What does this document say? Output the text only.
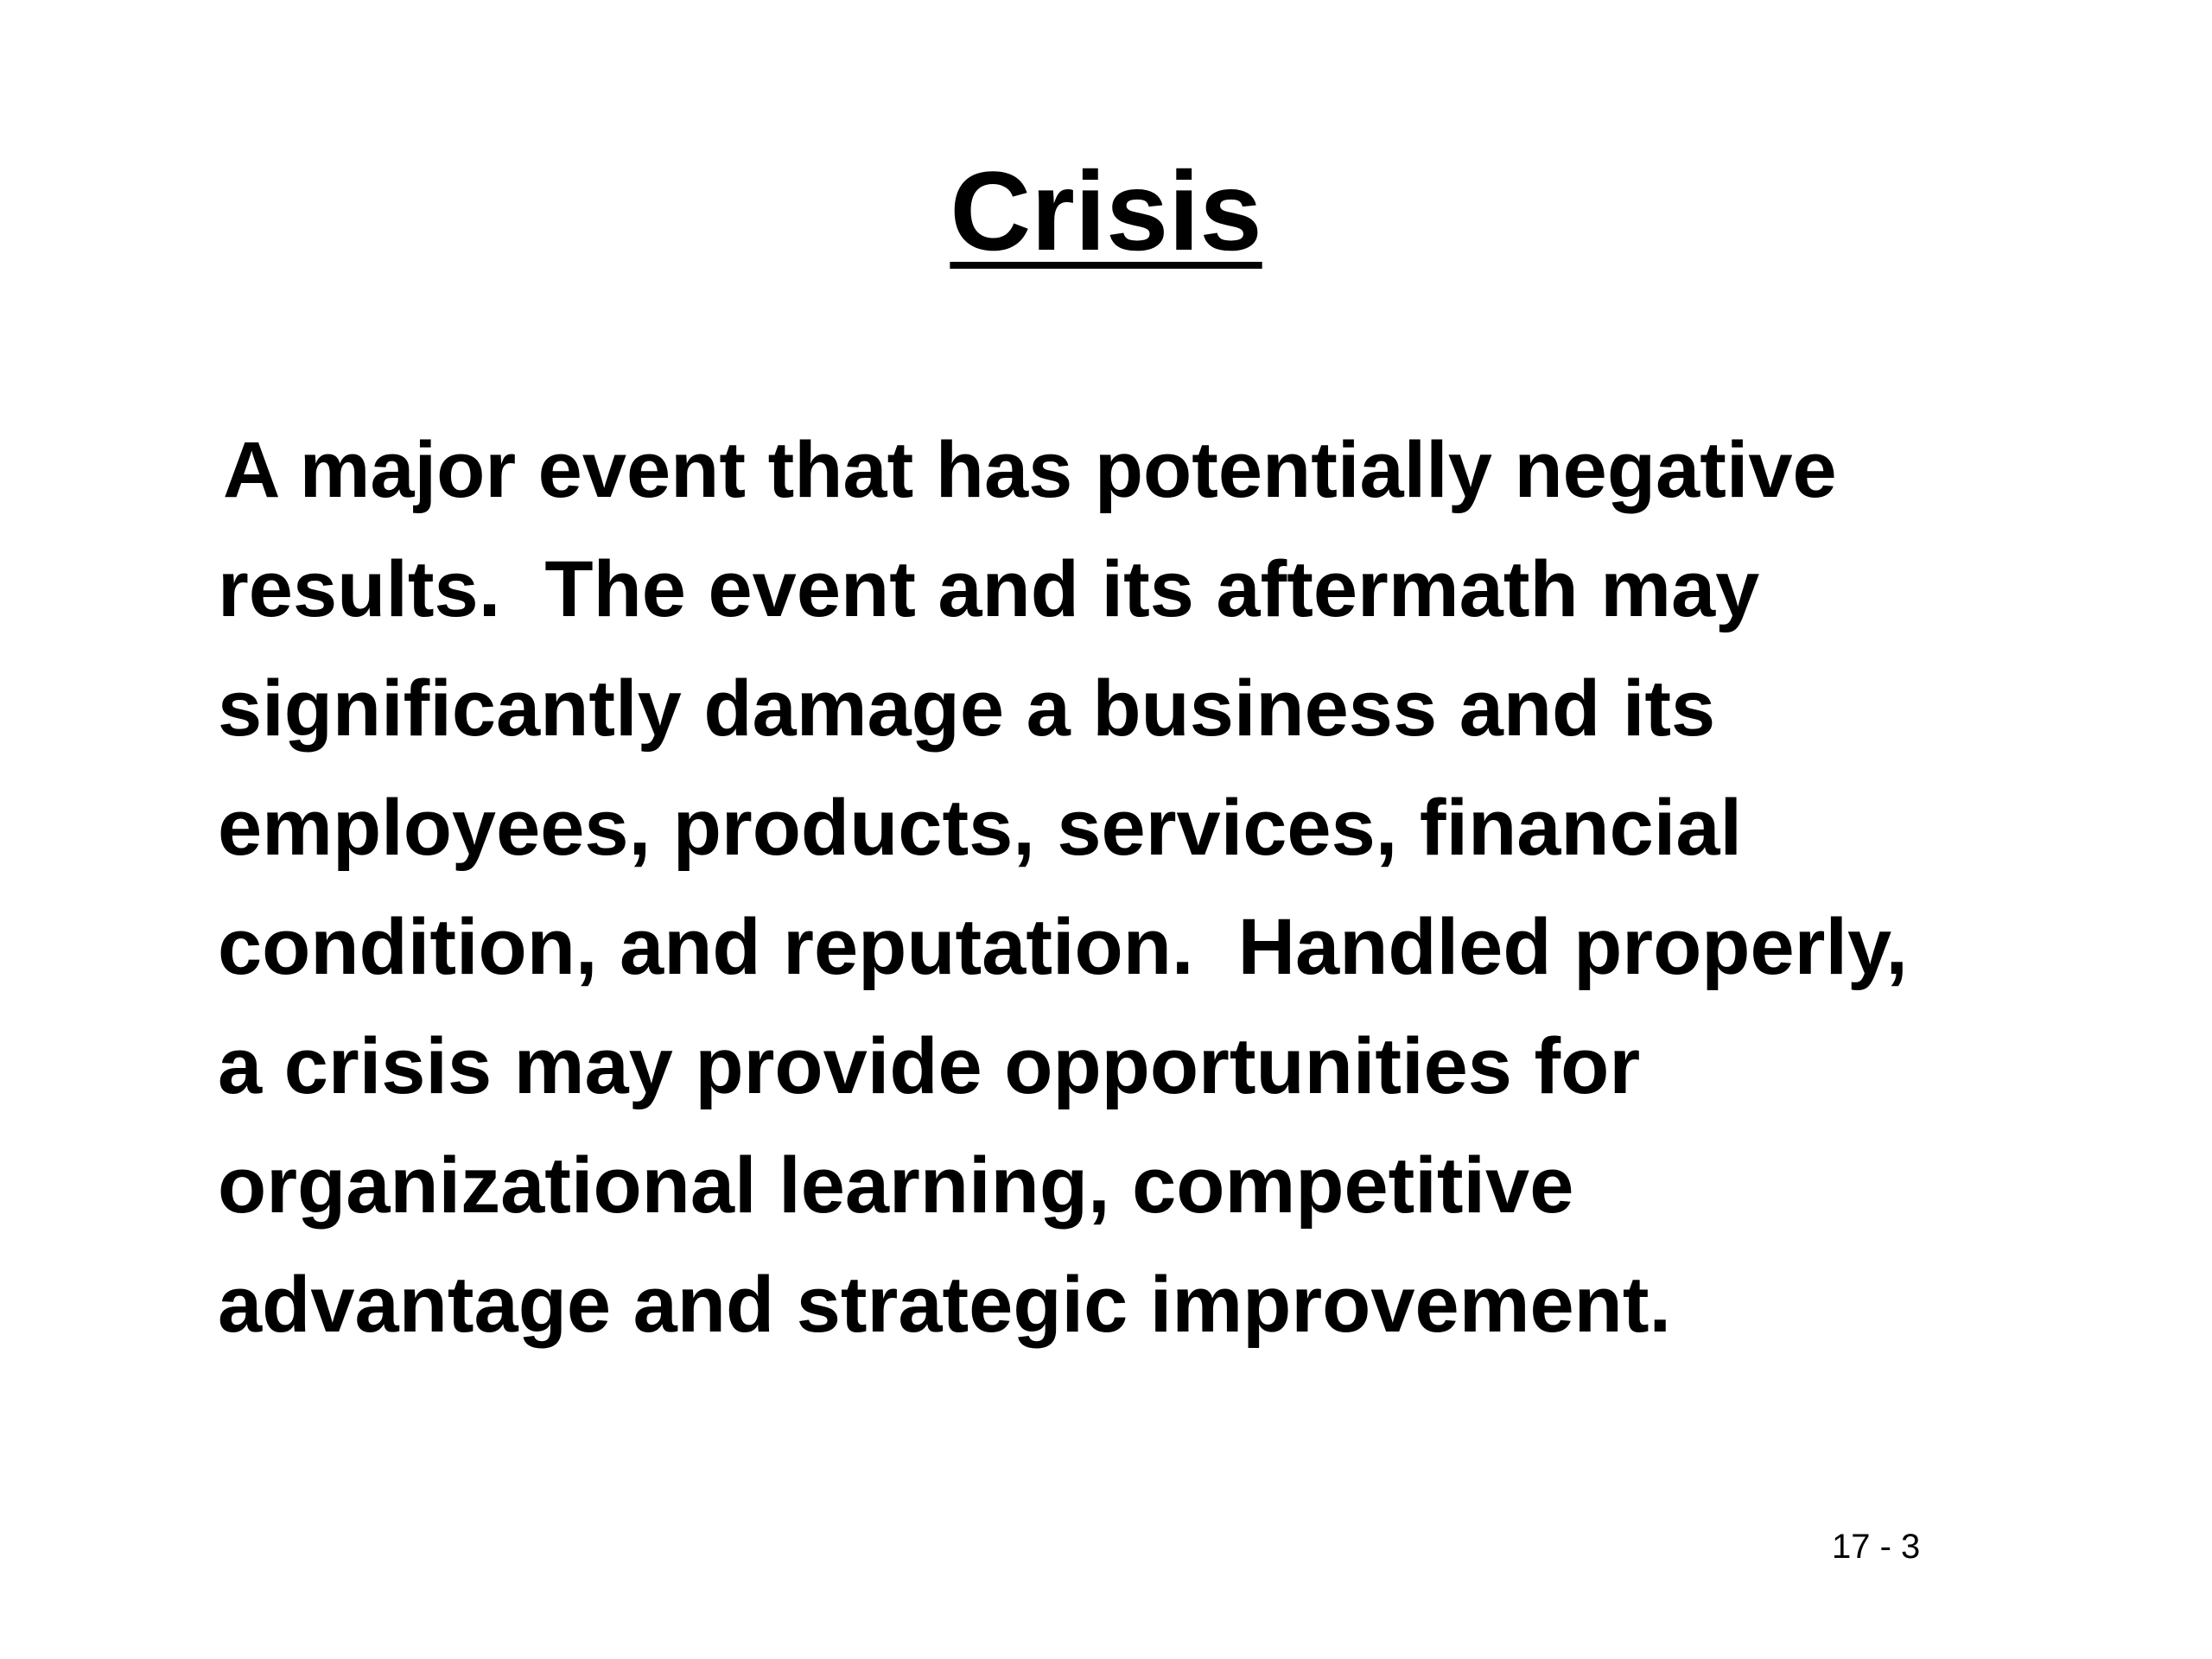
Crisis

A major event that has potentially negative
results.  The event and its aftermath may
significantly damage a business and its
employees, products, services, financial
condition, and reputation.  Handled properly,
a crisis may provide opportunities for
organizational learning, competitive
advantage and strategic improvement.

17 - 3
